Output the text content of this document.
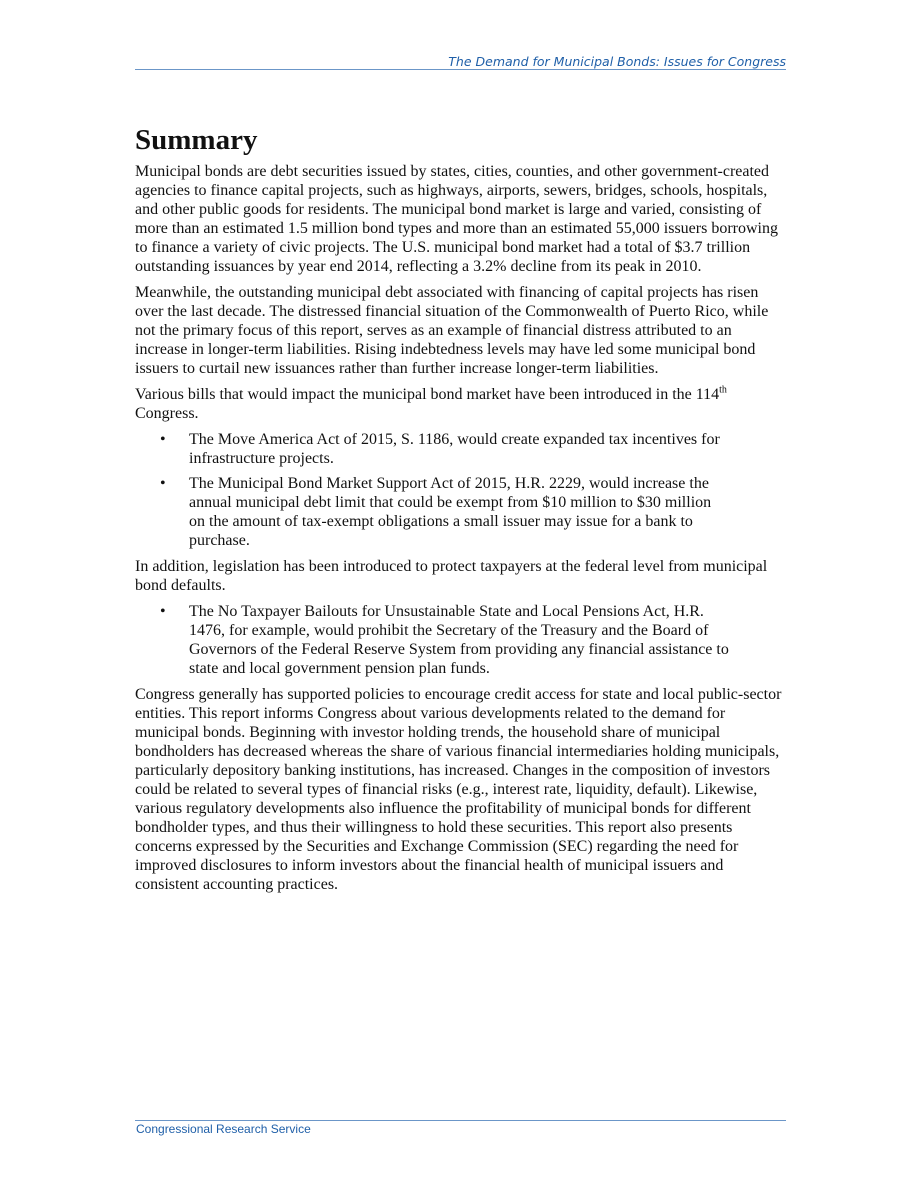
The Demand for Municipal Bonds: Issues for Congress
Summary

Municipal bonds are debt securities issued by states, cities, counties, and other government-created agencies to finance capital projects, such as highways, airports, sewers, bridges, schools, hospitals, and other public goods for residents. The municipal bond market is large and varied, consisting of more than an estimated 1.5 million bond types and more than an estimated 55,000 issuers borrowing to finance a variety of civic projects. The U.S. municipal bond market had a total of $3.7 trillion outstanding issuances by year end 2014, reflecting a 3.2% decline from its peak in 2010.

Meanwhile, the outstanding municipal debt associated with financing of capital projects has risen over the last decade. The distressed financial situation of the Commonwealth of Puerto Rico, while not the primary focus of this report, serves as an example of financial distress attributed to an increase in longer-term liabilities. Rising indebtedness levels may have led some municipal bond issuers to curtail new issuances rather than further increase longer-term liabilities.

Various bills that would impact the municipal bond market have been introduced in the 114th Congress.

• The Move America Act of 2015, S. 1186, would create expanded tax incentives for infrastructure projects.
• The Municipal Bond Market Support Act of 2015, H.R. 2229, would increase the annual municipal debt limit that could be exempt from $10 million to $30 million on the amount of tax-exempt obligations a small issuer may issue for a bank to purchase.

In addition, legislation has been introduced to protect taxpayers at the federal level from municipal bond defaults.

• The No Taxpayer Bailouts for Unsustainable State and Local Pensions Act, H.R. 1476, for example, would prohibit the Secretary of the Treasury and the Board of Governors of the Federal Reserve System from providing any financial assistance to state and local government pension plan funds.

Congress generally has supported policies to encourage credit access for state and local public-sector entities. This report informs Congress about various developments related to the demand for municipal bonds. Beginning with investor holding trends, the household share of municipal bondholders has decreased whereas the share of various financial intermediaries holding municipals, particularly depository banking institutions, has increased. Changes in the composition of investors could be related to several types of financial risks (e.g., interest rate, liquidity, default). Likewise, various regulatory developments also influence the profitability of municipal bonds for different bondholder types, and thus their willingness to hold these securities. This report also presents concerns expressed by the Securities and Exchange Commission (SEC) regarding the need for improved disclosures to inform investors about the financial health of municipal issuers and consistent accounting practices.

Congressional Research Service
